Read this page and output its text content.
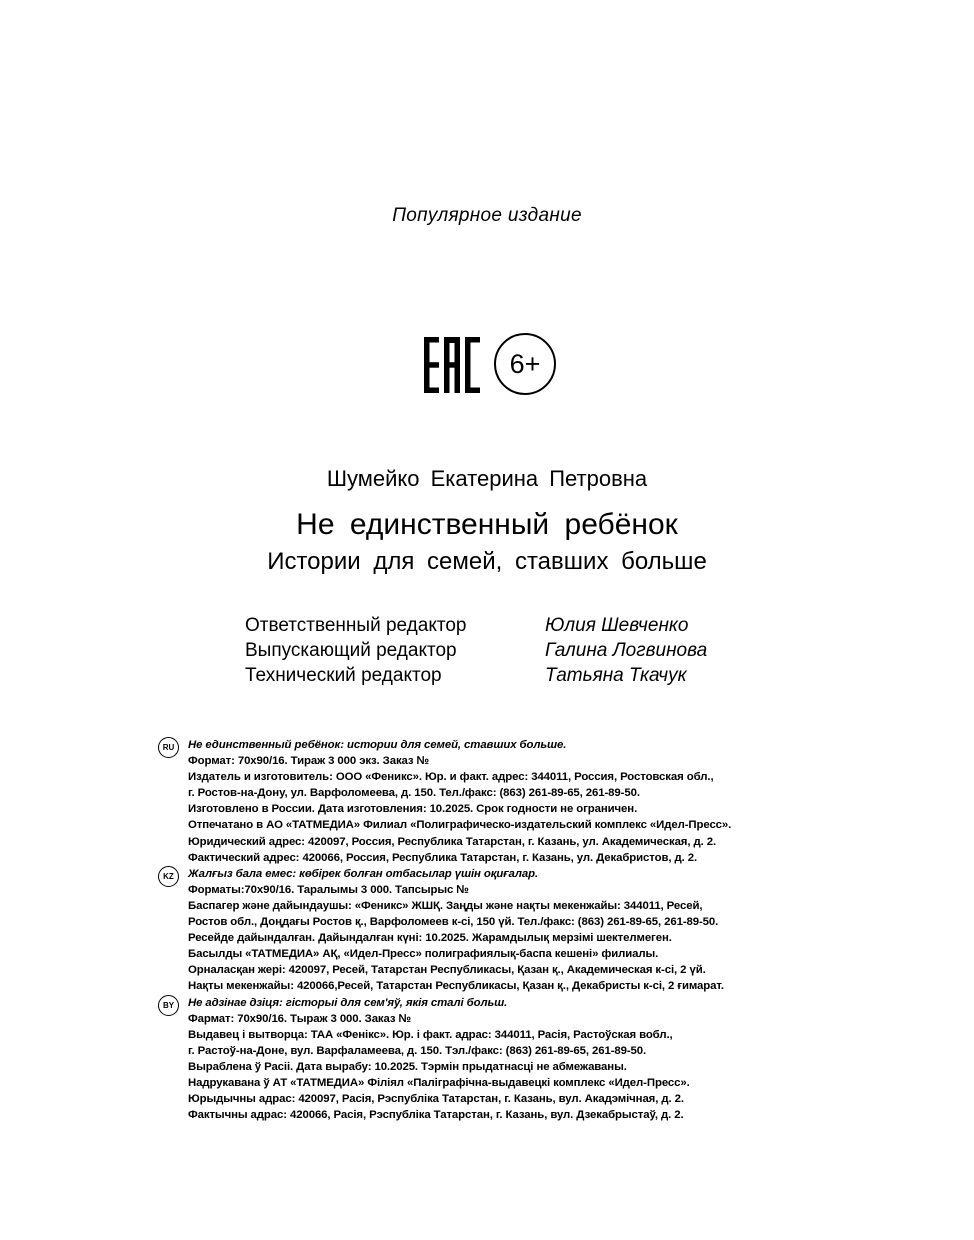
Популярное издание
6+
Шумейко Екатерина Петровна
Не единственный ребёнок
Истории для семей, ставших больше
Ответственный редактор	Юлия Шевченко
Выпускающий редактор	Галина Логвинова
Технический редактор	Татьяна Ткачук
RU	Не единственный ребёнок: истории для семей, ставших больше.
Формат: 70х90/16. Тираж 3 000 экз. Заказ №
Издатель и изготовитель: ООО «Феникс». Юр. и факт. адрес: 344011, Россия, Ростовская обл.,
г. Ростов-на-Дону, ул. Варфоломеева, д. 150. Тел./факс: (863) 261-89-65, 261-89-50.
Изготовлено в России. Дата изготовления: 10.2025. Срок годности не ограничен.
Отпечатано в АО «ТАТМЕДИА» Филиал «Полиграфическо-издательский комплекс «Идел-Пресс».
Юридический адрес: 420097, Россия, Республика Татарстан, г. Казань, ул. Академическая, д. 2.
Фактический адрес: 420066, Россия, Республика Татарстан, г. Казань, ул. Декабристов, д. 2.
KZ	Жалғыз бала емес: көбірек болған отбасылар үшін оқиғалар.
Форматы:70х90/16. Таралымы 3 000. Тапсырыс №
Баспагер және дайындаушы: «Феникс» ЖШҚ. Заңды және нақты мекенжайы: 344011, Ресей,
Ростов обл., Доңдағы Ростов қ., Варфоломеев к-сі, 150 үй. Тел./факс: (863) 261-89-65, 261-89-50.
Ресейде дайындалған. Дайындалған күні: 10.2025. Жарамдылық мерзімі шектелмеген.
Басылды «ТАТМЕДИА» АҚ, «Идел-Пресс» полиграфиялық-баспа кешені» филиалы.
Орналасқан жері: 420097, Ресей, Татарстан Республикасы, Қазан қ., Академическая к-сі, 2 үй.
Нақты мекенжайы: 420066,Ресей, Татарстан Республикасы, Қазан қ., Декабристы к-сі, 2 ғимарат.
BY	Не адзінае дзіця: гісторыі для сем'яў, якія сталі больш.
Фармат: 70х90/16. Тыраж 3 000. Заказ №
Выдавец і вытворца: ТАА «Фенікс». Юр. і факт. адрас: 344011, Расія, Растоўская вобл.,
г. Растоў-на-Доне, вул. Варфаламеева, д. 150. Тэл./факс: (863) 261-89-65, 261-89-50.
Выраблена ў Расіі. Дата вырабу: 10.2025. Тэрмін прыдатнасці не абмежаваны.
Надрукавана ў АТ «ТАТМЕДИА» Філіял «Паліграфічна-выдавецкі комплекс «Идел-Пресс».
Юрыдычны адрас: 420097, Расія, Рэспубліка Татарстан, г. Казань, вул. Акадэмічная, д. 2.
Фактычны адрас: 420066, Расія, Рэспубліка Татарстан, г. Казань, вул. Дзекабрыстаў, д. 2.
